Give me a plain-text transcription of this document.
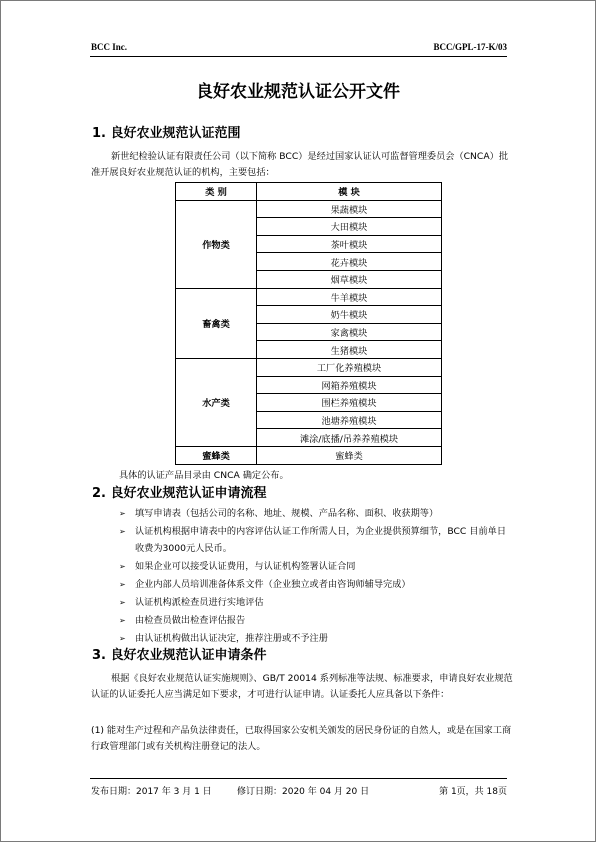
BCC Inc.	BCC/GPL-17-K/03
良好农业规范认证公开文件
1. 良好农业规范认证范围
新世纪检验认证有限责任公司（以下简称 BCC）是经过国家认证认可监督管理委员会（CNCA）批准开展良好农业规范认证的机构，主要包括：
类 别	模 块
作物类	果蔬模块
	大田模块
	茶叶模块
	花卉模块
	烟草模块
畜禽类	牛羊模块
	奶牛模块
	家禽模块
	生猪模块
水产类	工厂化养殖模块
	网箱养殖模块
	围栏养殖模块
	池塘养殖模块
	滩涂/底播/吊养养殖模块
蜜蜂类	蜜蜂类
具体的认证产品目录由 CNCA 确定公布。
2. 良好农业规范认证申请流程
➢ 填写申请表（包括公司的名称、地址、规模、产品名称、面积、收获期等）
➢ 认证机构根据申请表中的内容评估认证工作所需人日，为企业提供预算细节，BCC 目前单日收费为3000元人民币。
➢ 如果企业可以接受认证费用，与认证机构签署认证合同
➢ 企业内部人员培训准备体系文件（企业独立或者由咨询师辅导完成）
➢ 认证机构派检查员进行实地评估
➢ 由检查员做出检查评估报告
➢ 由认证机构做出认证决定，推荐注册或不予注册
3. 良好农业规范认证申请条件
根据《良好农业规范认证实施规则》、GB/T 20014 系列标准等法规、标准要求，申请良好农业规范认证的认证委托人应当满足如下要求，才可进行认证申请。认证委托人应具备以下条件：
(1) 能对生产过程和产品负法律责任，已取得国家公安机关颁发的居民身份证的自然人，或是在国家工商行政管理部门或有关机构注册登记的法人。
发布日期：2017 年 3 月 1 日	修订日期：2020 年 04 月 20 日	第 1页，共 18页
